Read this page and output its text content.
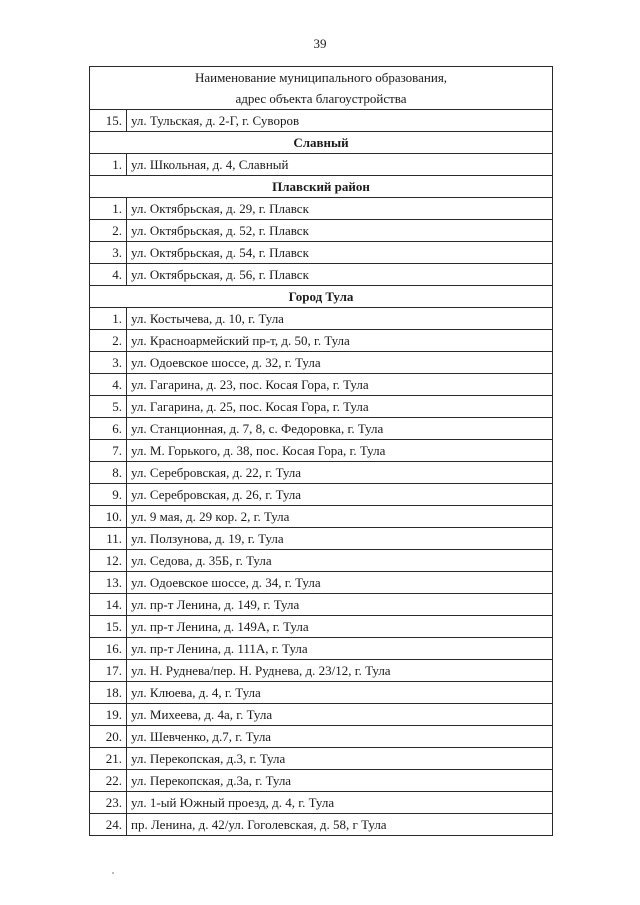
39
Наименование муниципального образования,
адрес объекта благоустройства	

15.	ул. Тульская, д. 2-Г, г. Суворов
Славный	
1.	ул. Школьная, д. 4, Славный
Плавский район	
1.	ул. Октябрьская, д. 29, г. Плавск
2.	ул. Октябрьская, д. 52, г. Плавск
3.	ул. Октябрьская, д. 54, г. Плавск
4.	ул. Октябрьская, д. 56, г. Плавск
Город Тула	
1.	ул. Костычева, д. 10, г. Тула
2.	ул. Красноармейский пр-т, д. 50, г. Тула
3.	ул. Одоевское шоссе, д. 32, г. Тула
4.	ул. Гагарина, д. 23, пос. Косая Гора, г. Тула
5.	ул. Гагарина, д. 25, пос. Косая Гора, г. Тула
6.	ул. Станционная, д. 7, 8, с. Федоровка, г. Тула
7.	ул. М. Горького, д. 38, пос. Косая Гора, г. Тула
8.	ул. Серебровская, д. 22, г. Тула
9.	ул. Серебровская, д. 26, г. Тула
10.	ул. 9 мая, д. 29 кор. 2, г. Тула
11.	ул. Ползунова, д. 19, г. Тула
12.	ул. Седова, д. 35Б, г. Тула
13.	ул. Одоевское шоссе, д. 34, г. Тула
14.	ул. пр-т Ленина, д. 149, г. Тула
15.	ул. пр-т Ленина, д. 149А, г. Тула
16.	ул. пр-т Ленина, д. 111А, г. Тула
17.	ул. Н. Руднева/пер. Н. Руднева, д. 23/12, г. Тула
18.	ул. Клюева, д. 4, г. Тула
19.	ул. Михеева, д. 4а, г. Тула
20.	ул. Шевченко, д.7, г. Тула
21.	ул. Перекопская, д.3, г. Тула
22.	ул. Перекопская, д.3а, г. Тула
23.	ул. 1-ый Южный проезд, д. 4, г. Тула
24.	пр. Ленина, д. 42/ул. Гоголевская, д. 58, г Тула
